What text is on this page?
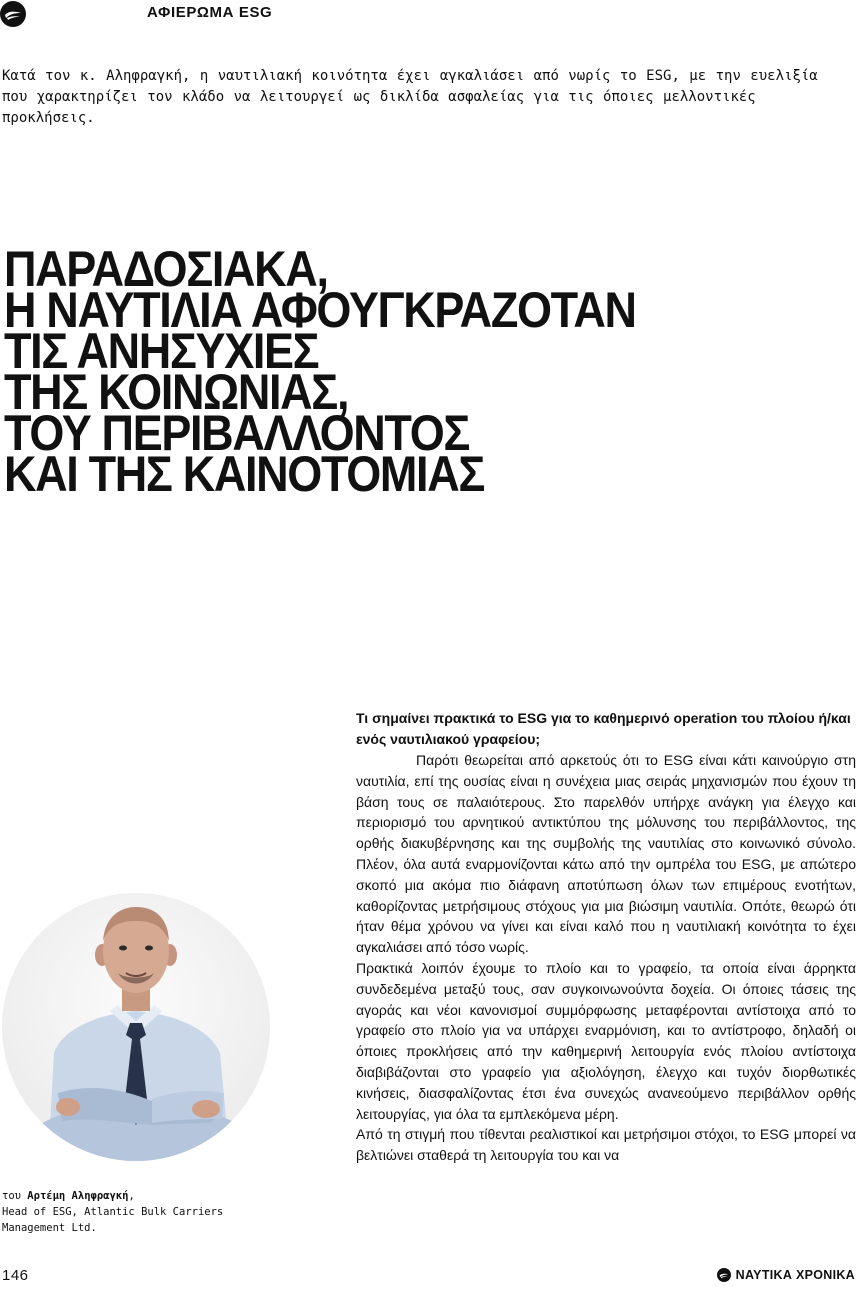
ΑΦΙΕΡΩΜΑ ESG
Κατά τον κ. Αληφραγκή, η ναυτιλιακή κοινότητα έχει αγκαλιάσει από νωρίς το ESG, με την ευελιξία που χαρακτηρίζει τον κλάδο να λειτουργεί ως δικλίδα ασφαλείας για τις όποιες μελλοντικές προκλήσεις.
ΠΑΡΑΔΟΣΙΑΚΑ,
Η ΝΑΥΤΙΛΙΑ ΑΦΟΥΓΚΡΑΖΟΤΑΝ
ΤΙΣ ΑΝΗΣΥΧΙΕΣ
ΤΗΣ ΚΟΙΝΩΝΙΑΣ,
ΤΟΥ ΠΕΡΙΒΑΛΛΟΝΤΟΣ
ΚΑΙ ΤΗΣ ΚΑΙΝΟΤΟΜΙΑΣ
του Αρτέμη Αληφραγκή,
Head of ESG, Atlantic Bulk Carriers Management Ltd.
Τι σημαίνει πρακτικά το ESG για το καθημερινό operation του πλοίου ή/και ενός ναυτιλιακού γραφείου;

Παρότι θεωρείται από αρκετούς ότι το ESG είναι κάτι καινούργιο στη ναυτιλία, επί της ουσίας είναι η συνέχεια μιας σειράς μηχανισμών που έχουν τη βάση τους σε παλαιότερους. Στο παρελθόν υπήρχε ανάγκη για έλεγχο και περιορισμό του αρνητικού αντικτύπου της μόλυνσης του περιβάλλοντος, της ορθής διακυβέρνησης και της συμβολής της ναυτιλίας στο κοινωνικό σύνολο. Πλέον, όλα αυτά εναρμονίζονται κάτω από την ομπρέλα του ESG, με απώτερο σκοπό μια ακόμα πιο διάφανη αποτύπωση όλων των επιμέρους ενοτήτων, καθορίζοντας μετρήσιμους στόχους για μια βιώσιμη ναυτιλία. Οπότε, θεωρώ ότι ήταν θέμα χρόνου να γίνει και είναι καλό που η ναυτιλιακή κοινότητα το έχει αγκαλιάσει από τόσο νωρίς.

Πρακτικά λοιπόν έχουμε το πλοίο και το γραφείο, τα οποία είναι άρρηκτα συνδεδεμένα μεταξύ τους, σαν συγκοινωνούντα δοχεία. Οι όποιες τάσεις της αγοράς και νέοι κανονισμοί συμμόρφωσης μεταφέρονται αντίστοιχα από το γραφείο στο πλοίο για να υπάρχει εναρμόνιση, και το αντίστροφο, δηλαδή οι όποιες προκλήσεις από την καθημερινή λειτουργία ενός πλοίου αντίστοιχα διαβιβάζονται στο γραφείο για αξιολόγηση, έλεγχο και τυχόν διορθωτικές κινήσεις, διασφαλίζοντας έτσι ένα συνεχώς ανανεούμενο περιβάλλον ορθής λειτουργίας, για όλα τα εμπλεκόμενα μέρη.

Από τη στιγμή που τίθενται ρεαλιστικοί και μετρήσιμοι στόχοι, το ESG μπορεί να βελτιώνει σταθερά τη λειτουργία του και να

146	ΝΑΥΤΙΚΑ ΧΡΟΝΙΚΑ
